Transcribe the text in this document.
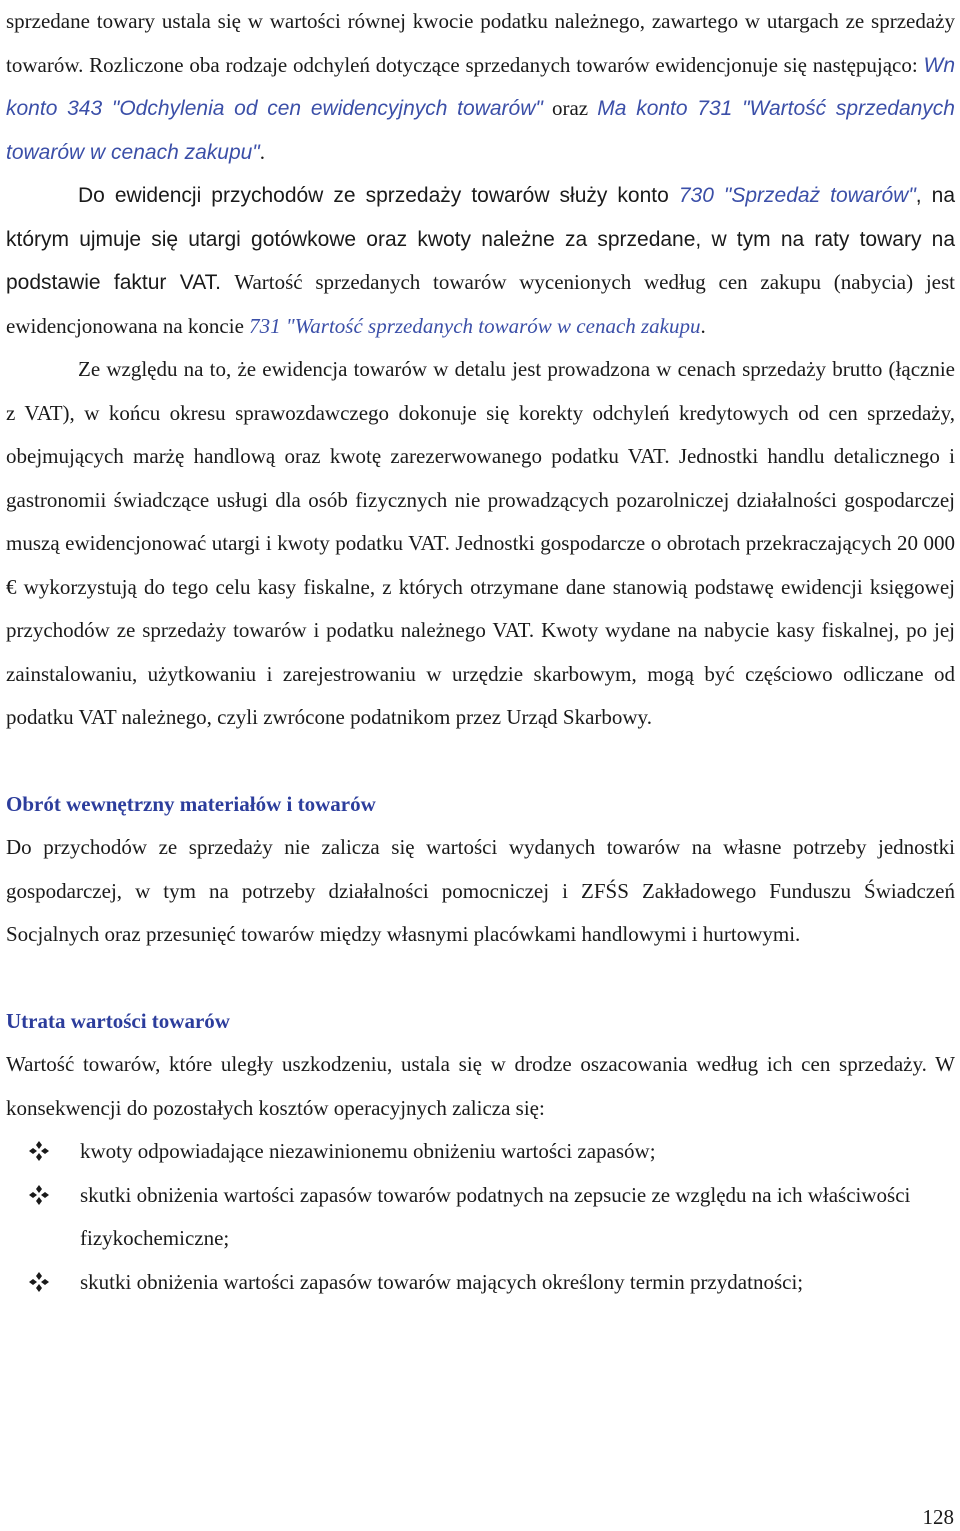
sprzedane towary ustala się w wartości równej kwocie podatku należnego, zawartego w utargach ze sprzedaży towarów. Rozliczone oba rodzaje odchyleń dotyczące sprzedanych towarów ewidencjonuje się następująco: Wn konto 343 "Odchylenia od cen ewidencyjnych towarów" oraz Ma konto 731 "Wartość sprzedanych towarów w cenach zakupu".

Do ewidencji przychodów ze sprzedaży towarów służy konto 730 "Sprzedaż towarów", na którym ujmuje się utargi gotówkowe oraz kwoty należne za sprzedane, w tym na raty towary na podstawie faktur VAT. Wartość sprzedanych towarów wycenionych według cen zakupu (nabycia) jest ewidencjonowana na koncie 731 "Wartość sprzedanych towarów w cenach zakupu.

Ze względu na to, że ewidencja towarów w detalu jest prowadzona w cenach sprzedaży brutto (łącznie z VAT), w końcu okresu sprawozdawczego dokonuje się korekty odchyleń kredytowych od cen sprzedaży, obejmujących marżę handlową oraz kwotę zarezerwowanego podatku VAT. Jednostki handlu detalicznego i gastronomii świadczące usługi dla osób fizycznych nie prowadzących pozarolniczej działalności gospodarczej muszą ewidencjonować utargi i kwoty podatku VAT. Jednostki gospodarcze o obrotach przekraczających 20 000 € wykorzystują do tego celu kasy fiskalne, z których otrzymane dane stanowią podstawę ewidencji księgowej przychodów ze sprzedaży towarów i podatku należnego VAT. Kwoty wydane na nabycie kasy fiskalnej, po jej zainstalowaniu, użytkowaniu i zarejestrowaniu w urzędzie skarbowym, mogą być częściowo odliczane od podatku VAT należnego, czyli zwrócone podatnikom przez Urząd Skarbowy.

Obrót wewnętrzny materiałów i towarów

Do przychodów ze sprzedaży nie zalicza się wartości wydanych towarów na własne potrzeby jednostki gospodarczej, w tym na potrzeby działalności pomocniczej i ZFŚS Zakładowego Funduszu Świadczeń Socjalnych oraz przesunięć towarów między własnymi placówkami handlowymi i hurtowymi.

Utrata wartości towarów

Wartość towarów, które uległy uszkodzeniu, ustala się w drodze oszacowania według ich cen sprzedaży. W konsekwencji do pozostałych kosztów operacyjnych zalicza się:

kwoty odpowiadające niezawinionemu obniżeniu wartości zapasów;
skutki obniżenia wartości zapasów towarów podatnych na zepsucie ze względu na ich właściwości fizykochemiczne;
skutki obniżenia wartości zapasów towarów mających określony termin przydatności;
128
